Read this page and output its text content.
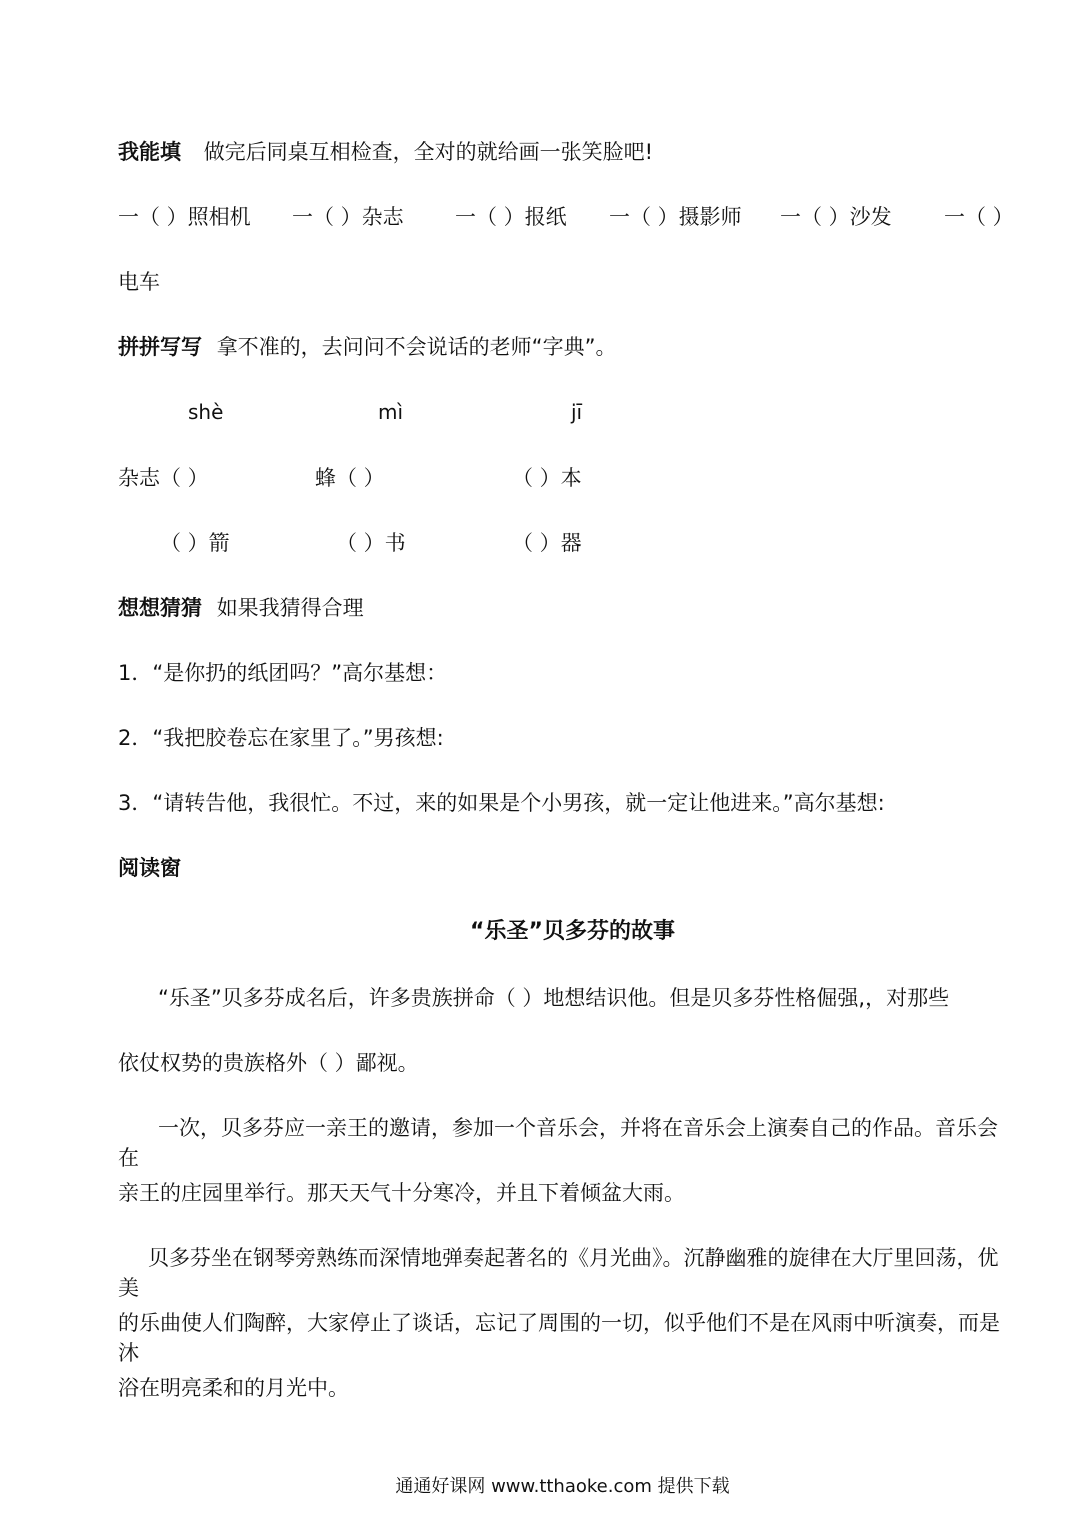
我能填 做完后同桌互相检查，全对的就给画一张笑脸吧!
一（ ）照相机 一（ ）杂志 一（ ）报纸 一（ ）摄影师 一（ ）沙发 一（ ）
电车
拼拼写写 拿不准的，去问问不会说话的老师“字典”。
shè	mì	jī
杂志（ ）	蜂（ ）	（ ）本
（ ）箭	（ ）书	（ ）器
想想猜猜 如果我猜得合理
1．“是你扔的纸团吗？”高尔基想：
2．“我把胶卷忘在家里了。”男孩想:
3．“请转告他，我很忙。不过，来的如果是个小男孩，就一定让他进来。”高尔基想:
阅读窗
“乐圣”贝多芬的故事
“乐圣”贝多芬成名后，许多贵族拼命（ ）地想结识他。但是贝多芬性格倔强,，对那些
依仗权势的贵族格外（ ）鄙视。
一次，贝多芬应一亲王的邀请，参加一个音乐会，并将在音乐会上演奏自己的作品。音乐会在
亲王的庄园里举行。那天天气十分寒冷，并且下着倾盆大雨。
贝多芬坐在钢琴旁熟练而深情地弹奏起著名的《月光曲》。沉静幽雅的旋律在大厅里回荡，优美
的乐曲使人们陶醉，大家停止了谈话，忘记了周围的一切，似乎他们不是在风雨中听演奏，而是沐
浴在明亮柔和的月光中。
通通好课网 www.tthaoke.com 提供下载
